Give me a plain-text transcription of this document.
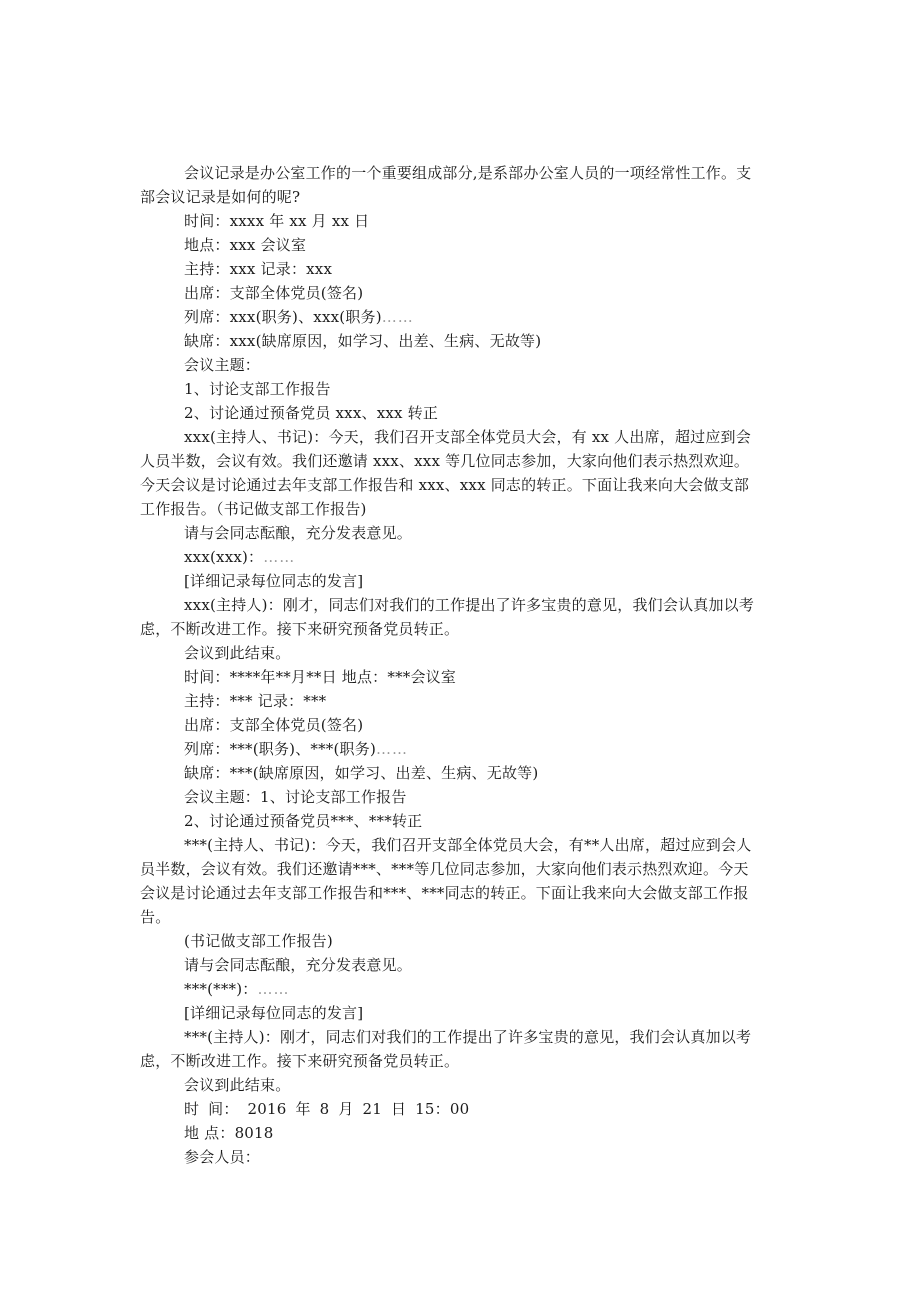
会议记录是办公室工作的一个重要组成部分,是系部办公室人员的一项经常性工作。支

部会议记录是如何的呢?

时间：xxxx 年 xx 月 xx 日

地点：xxx 会议室

主持：xxx 记录：xxx

出席：支部全体党员(签名)

列席：xxx(职务)、xxx(职务)……

缺席：xxx(缺席原因，如学习、出差、生病、无故等)

会议主题：

1、讨论支部工作报告

2、讨论通过预备党员 xxx、xxx 转正

xxx(主持人、书记)：今天，我们召开支部全体党员大会，有 xx 人出席，超过应到会

人员半数，会议有效。我们还邀请 xxx、xxx 等几位同志参加，大家向他们表示热烈欢迎。

今天会议是讨论通过去年支部工作报告和 xxx、xxx 同志的转正。下面让我来向大会做支部

工作报告。（书记做支部工作报告)

请与会同志酝酿，充分发表意见。

xxx(xxx)：……

[详细记录每位同志的发言]

xxx(主持人)：刚才，同志们对我们的工作提出了许多宝贵的意见，我们会认真加以考

虑，不断改进工作。接下来研究预备党员转正。

会议到此结束。

时间：****年**月**日 地点：***会议室

主持：*** 记录：***

出席：支部全体党员(签名)

列席：***(职务)、***(职务)……

缺席：***(缺席原因，如学习、出差、生病、无故等)

会议主题：1、讨论支部工作报告

2、讨论通过预备党员***、***转正

***(主持人、书记)：今天，我们召开支部全体党员大会，有**人出席，超过应到会人

员半数，会议有效。我们还邀请***、***等几位同志参加，大家向他们表示热烈欢迎。今天

会议是讨论通过去年支部工作报告和***、***同志的转正。下面让我来向大会做支部工作报

告。

(书记做支部工作报告)

请与会同志酝酿，充分发表意见。

***(***)：……

[详细记录每位同志的发言]

***(主持人)：刚才，同志们对我们的工作提出了许多宝贵的意见，我们会认真加以考

虑，不断改进工作。接下来研究预备党员转正。

会议到此结束。

时 间： 2016 年 8 月 21 日 15：00

地 点：8018

参会人员：
